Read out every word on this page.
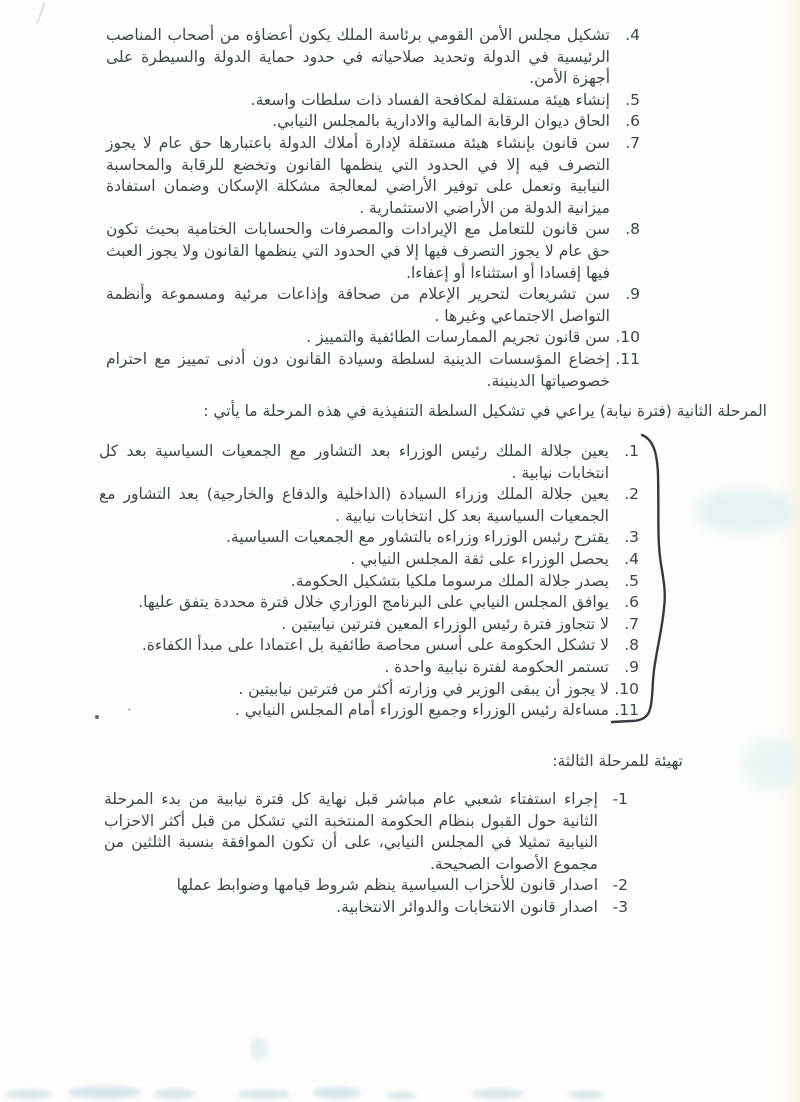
4.
تشكيل مجلس الأمن القومي برئاسة الملك يكون أعضاؤه من أصحاب المناصب الرئيسية في الدولة وتحديد صلاحياته في حدود حماية الدولة والسيطرة على أجهزة الأمن.
5.
إنشاء هيئة مستقلة لمكافحة الفساد ذات سلطات واسعة.
6.
الحاق ديوان الرقابة المالية والادارية بالمجلس النيابي.
7.
سن قانون بإنشاء هيئة مستقلة لإدارة أملاك الدولة باعتبارها حق عام لا يجوز التصرف فيه إلا في الحدود التي ينظمها القانون وتخضع للرقابة والمحاسبة النيابية وتعمل على توفير الأراضي لمعالجة مشكلة الإسكان وضمان استفادة ميزانية الدولة من الأراضي الاستثمارية .
8.
سن قانون للتعامل مع الإيرادات والمصرفات والحسابات الختامية بحيث تكون حق عام لا يجوز التصرف فيها إلا في الحدود التي ينظمها القانون ولا يجوز العبث فيها إفسادا أو استثناءا أو إعفاءا.
9.
سن تشريعات لتحرير الإعلام من صحافة وإذاعات مرئية ومسموعة وأنظمة التواصل الاجتماعي وغيرها .
10.
سن قانون تجريم الممارسات الطائفية والتمييز .
11.
إخضاع المؤسسات الدينية لسلطة وسيادة القانون دون أدنى تمييز مع احترام خصوصياتها الدينينة.
المرحلة الثانية (فترة نيابة) يراعي في تشكيل السلطة التنفيذية في هذه المرحلة ما يأتي :
1.
يعين جلالة الملك رئيس الوزراء بعد التشاور مع الجمعيات السياسية بعد كل انتخابات نيابية .
2.
يعين جلالة الملك وزراء السيادة (الداخلية والدفاع والخارجية) بعد التشاور مع الجمعيات السياسية بعد كل انتخابات نيابية .
3.
يقترح رئيس الوزراء وزراءه بالتشاور مع الجمعيات السياسية.
4.
يحصل الوزراء على ثقة المجلس النيابي .
5.
يصدر جلالة الملك مرسوما ملكيا بتشكيل الحكومة.
6.
يوافق المجلس النيابي على البرنامج الوزاري خلال فترة محددة يتفق عليها.
7.
لا تتجاوز فترة رئيس الوزراء المعين فترتين نيابيتين .
8.
لا تشكل الحكومة على أسس محاصة طائفية بل اعتمادا على مبدأ الكفاءة.
9.
تستمر الحكومة لفترة نيابية واحدة .
10.
لا يجوز أن يبقى الوزير في وزارته أكثر من فترتين نيابيتين .
11.
مساءلة رئيس الوزراء وجميع الوزراء أمام المجلس النيابي .
تهيئة للمرحلة الثالثة:
1-
إجراء استفتاء شعبي عام مباشر قبل نهاية كل فترة نيابية من بدء المرحلة الثانية حول القبول بنظام الحكومة المنتخبة التي تشكل من قبل أكثر الاحزاب النيابية تمثيلا في المجلس النيابي، على أن تكون الموافقة بنسبة الثلثين من مجموع الأصوات الصحيحة.
2-
اصدار قانون للأحزاب السياسية ينظم شروط قيامها وضوابط عملها
3-
اصدار قانون الانتخابات والدوائر الانتخابية.
